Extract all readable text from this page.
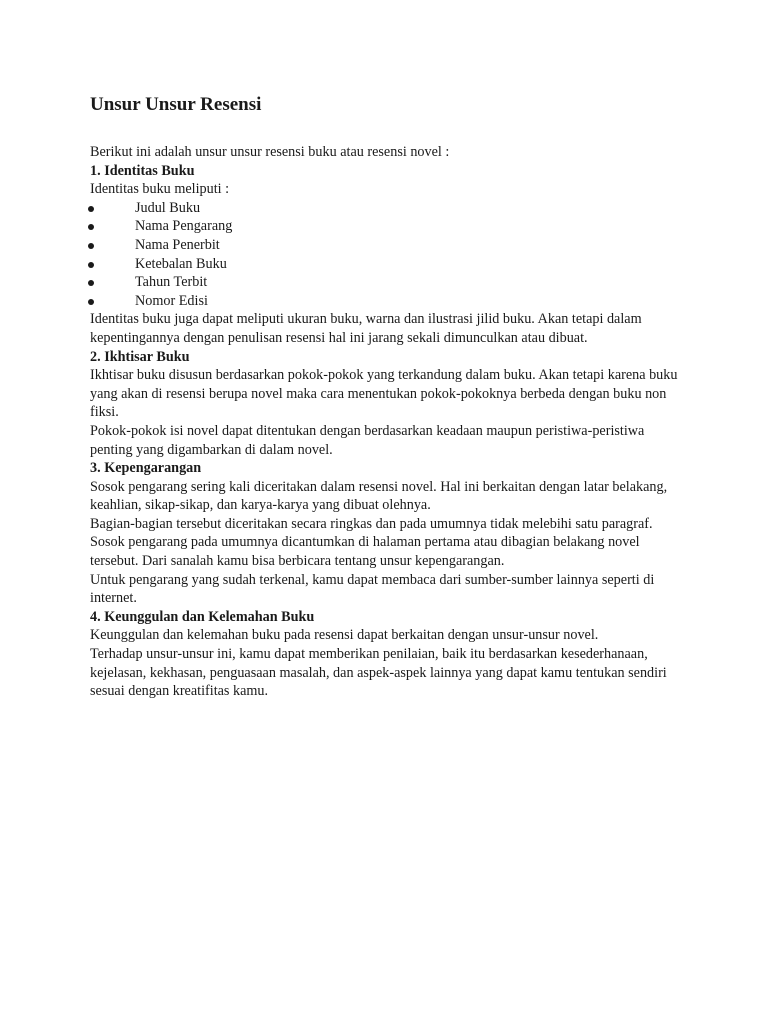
Unsur Unsur Resensi

Berikut ini adalah unsur unsur resensi buku atau resensi novel :

1. Identitas Buku

Identitas buku meliputi :

Judul Buku
Nama Pengarang
Nama Penerbit
Ketebalan Buku
Tahun Terbit
Nomor Edisi

Identitas buku juga dapat meliputi ukuran buku, warna dan ilustrasi jilid buku. Akan tetapi dalam kepentingannya dengan penulisan resensi hal ini jarang sekali dimunculkan atau dibuat.

2. Ikhtisar Buku

Ikhtisar buku disusun berdasarkan pokok-pokok yang terkandung dalam buku. Akan tetapi karena buku yang akan di resensi berupa novel maka cara menentukan pokok-pokoknya berbeda dengan buku non fiksi.

Pokok-pokok isi novel dapat ditentukan dengan berdasarkan keadaan maupun peristiwa-peristiwa penting yang digambarkan di dalam novel.

3. Kepengarangan

Sosok pengarang sering kali diceritakan dalam resensi novel. Hal ini berkaitan dengan latar belakang, keahlian, sikap-sikap, dan karya-karya yang dibuat olehnya.

Bagian-bagian tersebut diceritakan secara ringkas dan pada umumnya tidak melebihi satu paragraf.

Sosok pengarang pada umumnya dicantumkan di halaman pertama atau dibagian belakang novel tersebut. Dari sanalah kamu bisa berbicara tentang unsur kepengarangan.

Untuk pengarang yang sudah terkenal, kamu dapat membaca dari sumber-sumber lainnya seperti di internet.

4. Keunggulan dan Kelemahan Buku

Keunggulan dan kelemahan buku pada resensi dapat berkaitan dengan unsur-unsur novel.

Terhadap unsur-unsur ini, kamu dapat memberikan penilaian, baik itu berdasarkan kesederhanaan, kejelasan, kekhasan, penguasaan masalah, dan aspek-aspek lainnya yang dapat kamu tentukan sendiri sesuai dengan kreatifitas kamu.
